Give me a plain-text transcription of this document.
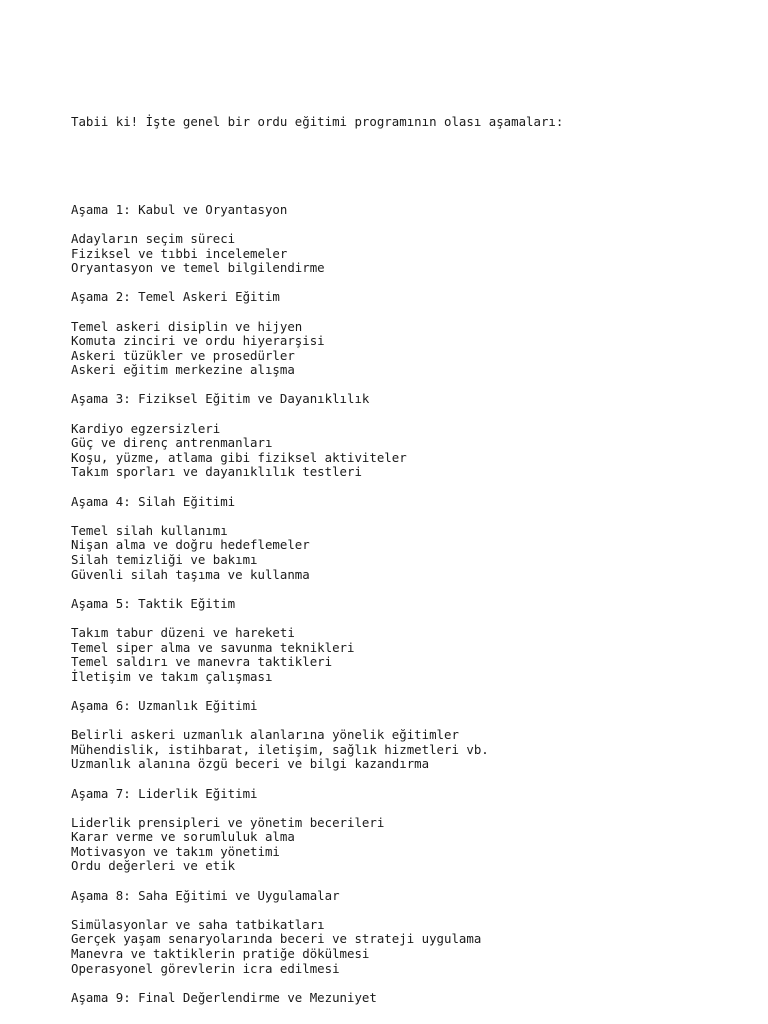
Tabii ki! İşte genel bir ordu eğitimi programının olası aşamaları:

Aşama 1: Kabul ve Oryantasyon
Adayların seçim süreci
Fiziksel ve tıbbi incelemeler
Oryantasyon ve temel bilgilendirme
Aşama 2: Temel Askeri Eğitim
Temel askeri disiplin ve hijyen
Komuta zinciri ve ordu hiyerarşisi
Askeri tüzükler ve prosedürler
Askeri eğitim merkezine alışma
Aşama 3: Fiziksel Eğitim ve Dayanıklılık
Kardiyo egzersizleri
Güç ve direnç antrenmanları
Koşu, yüzme, atlama gibi fiziksel aktiviteler
Takım sporları ve dayanıklılık testleri
Aşama 4: Silah Eğitimi
Temel silah kullanımı
Nişan alma ve doğru hedeflemeler
Silah temizliği ve bakımı
Güvenli silah taşıma ve kullanma
Aşama 5: Taktik Eğitim
Takım tabur düzeni ve hareketi
Temel siper alma ve savunma teknikleri
Temel saldırı ve manevra taktikleri
İletişim ve takım çalışması
Aşama 6: Uzmanlık Eğitimi
Belirli askeri uzmanlık alanlarına yönelik eğitimler
Mühendislik, istihbarat, iletişim, sağlık hizmetleri vb.
Uzmanlık alanına özgü beceri ve bilgi kazandırma
Aşama 7: Liderlik Eğitimi
Liderlik prensipleri ve yönetim becerileri
Karar verme ve sorumluluk alma
Motivasyon ve takım yönetimi
Ordu değerleri ve etik
Aşama 8: Saha Eğitimi ve Uygulamalar
Simülasyonlar ve saha tatbikatları
Gerçek yaşam senaryolarında beceri ve strateji uygulama
Manevra ve taktiklerin pratiğe dökülmesi
Operasyonel görevlerin icra edilmesi
Aşama 9: Final Değerlendirme ve Mezuniyet
